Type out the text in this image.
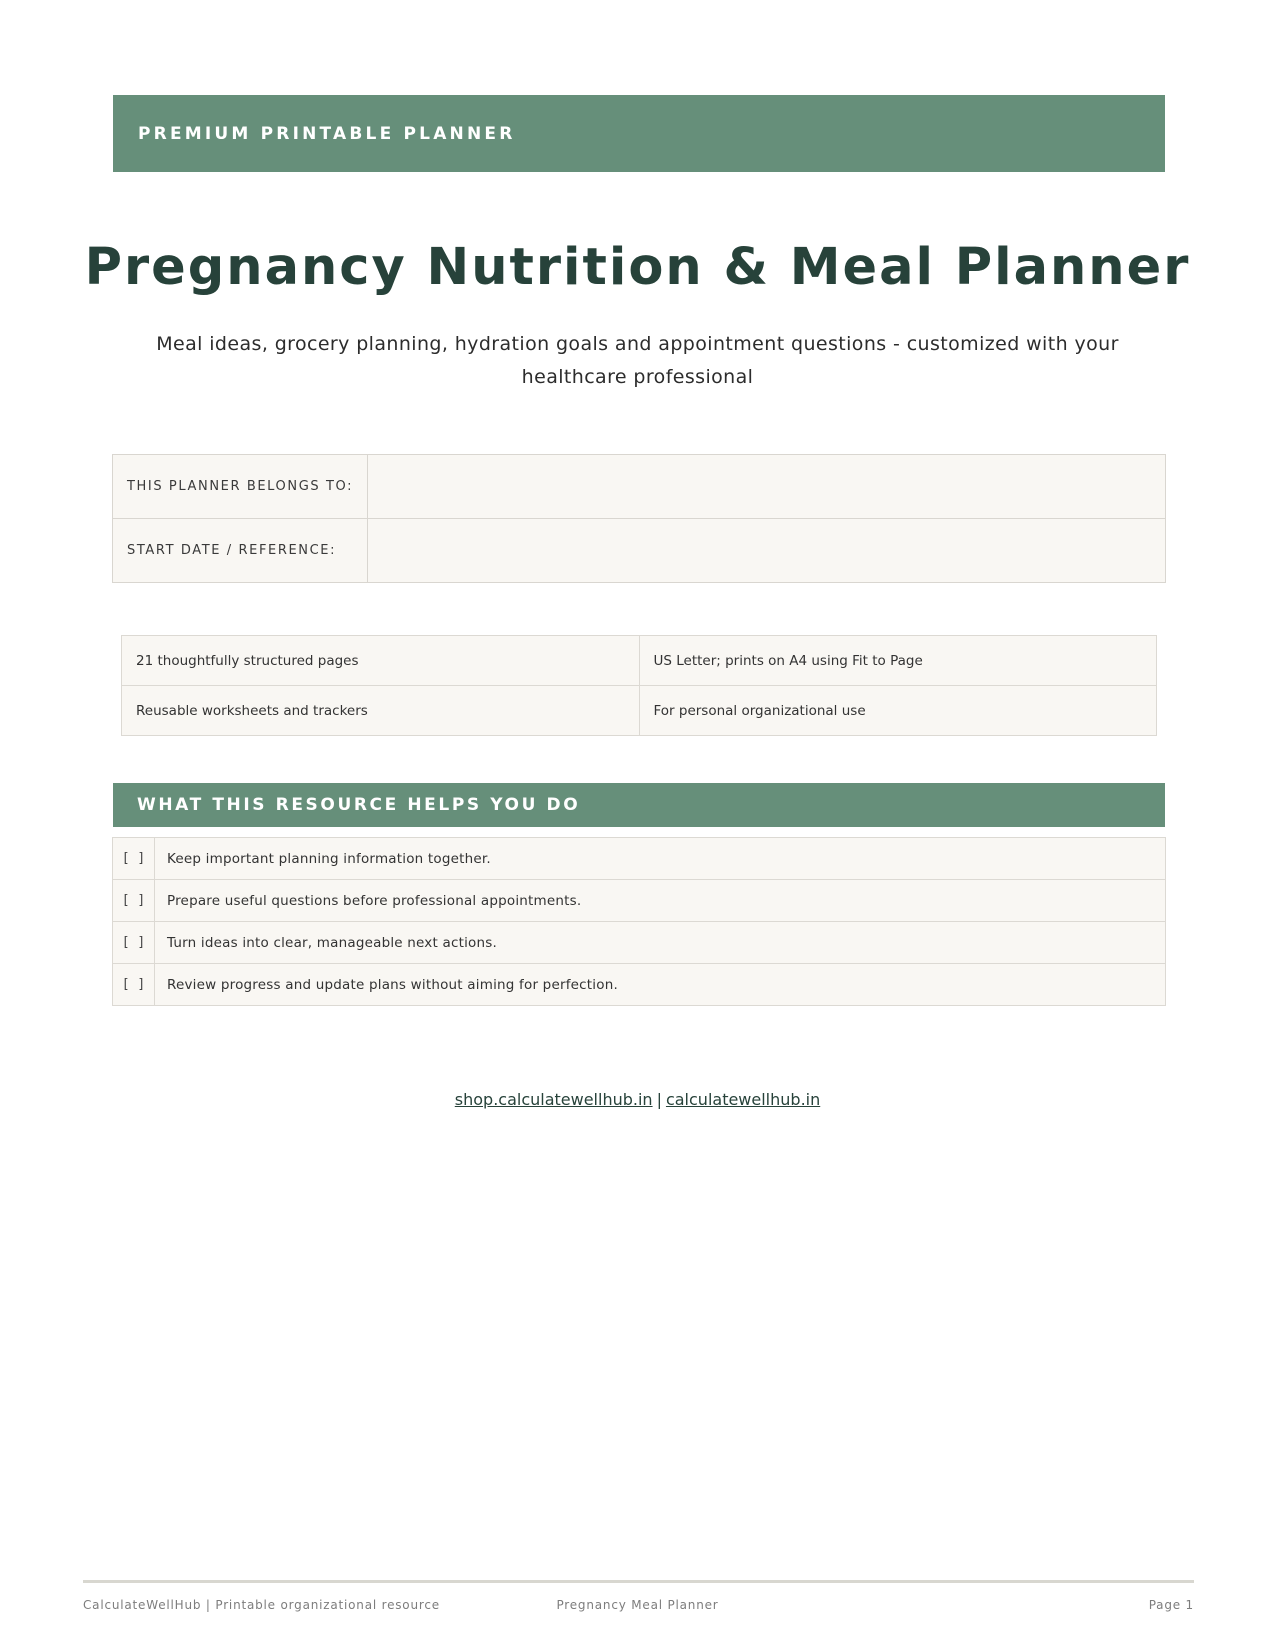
PREMIUM PRINTABLE PLANNER
Pregnancy Nutrition & Meal Planner
Meal ideas, grocery planning, hydration goals and appointment questions - customized with your healthcare professional
THIS PLANNER BELONGS TO:	
START DATE / REFERENCE:	
21 thoughtfully structured pages	US Letter; prints on A4 using Fit to Page
Reusable worksheets and trackers	For personal organizational use
WHAT THIS RESOURCE HELPS YOU DO
[ ]	Keep important planning information together.
[ ]	Prepare useful questions before professional appointments.
[ ]	Turn ideas into clear, manageable next actions.
[ ]	Review progress and update plans without aiming for perfection.
shop.calculatewellhub.in | calculatewellhub.in
CalculateWellHub | Printable organizational resource	Pregnancy Meal Planner	Page 1
